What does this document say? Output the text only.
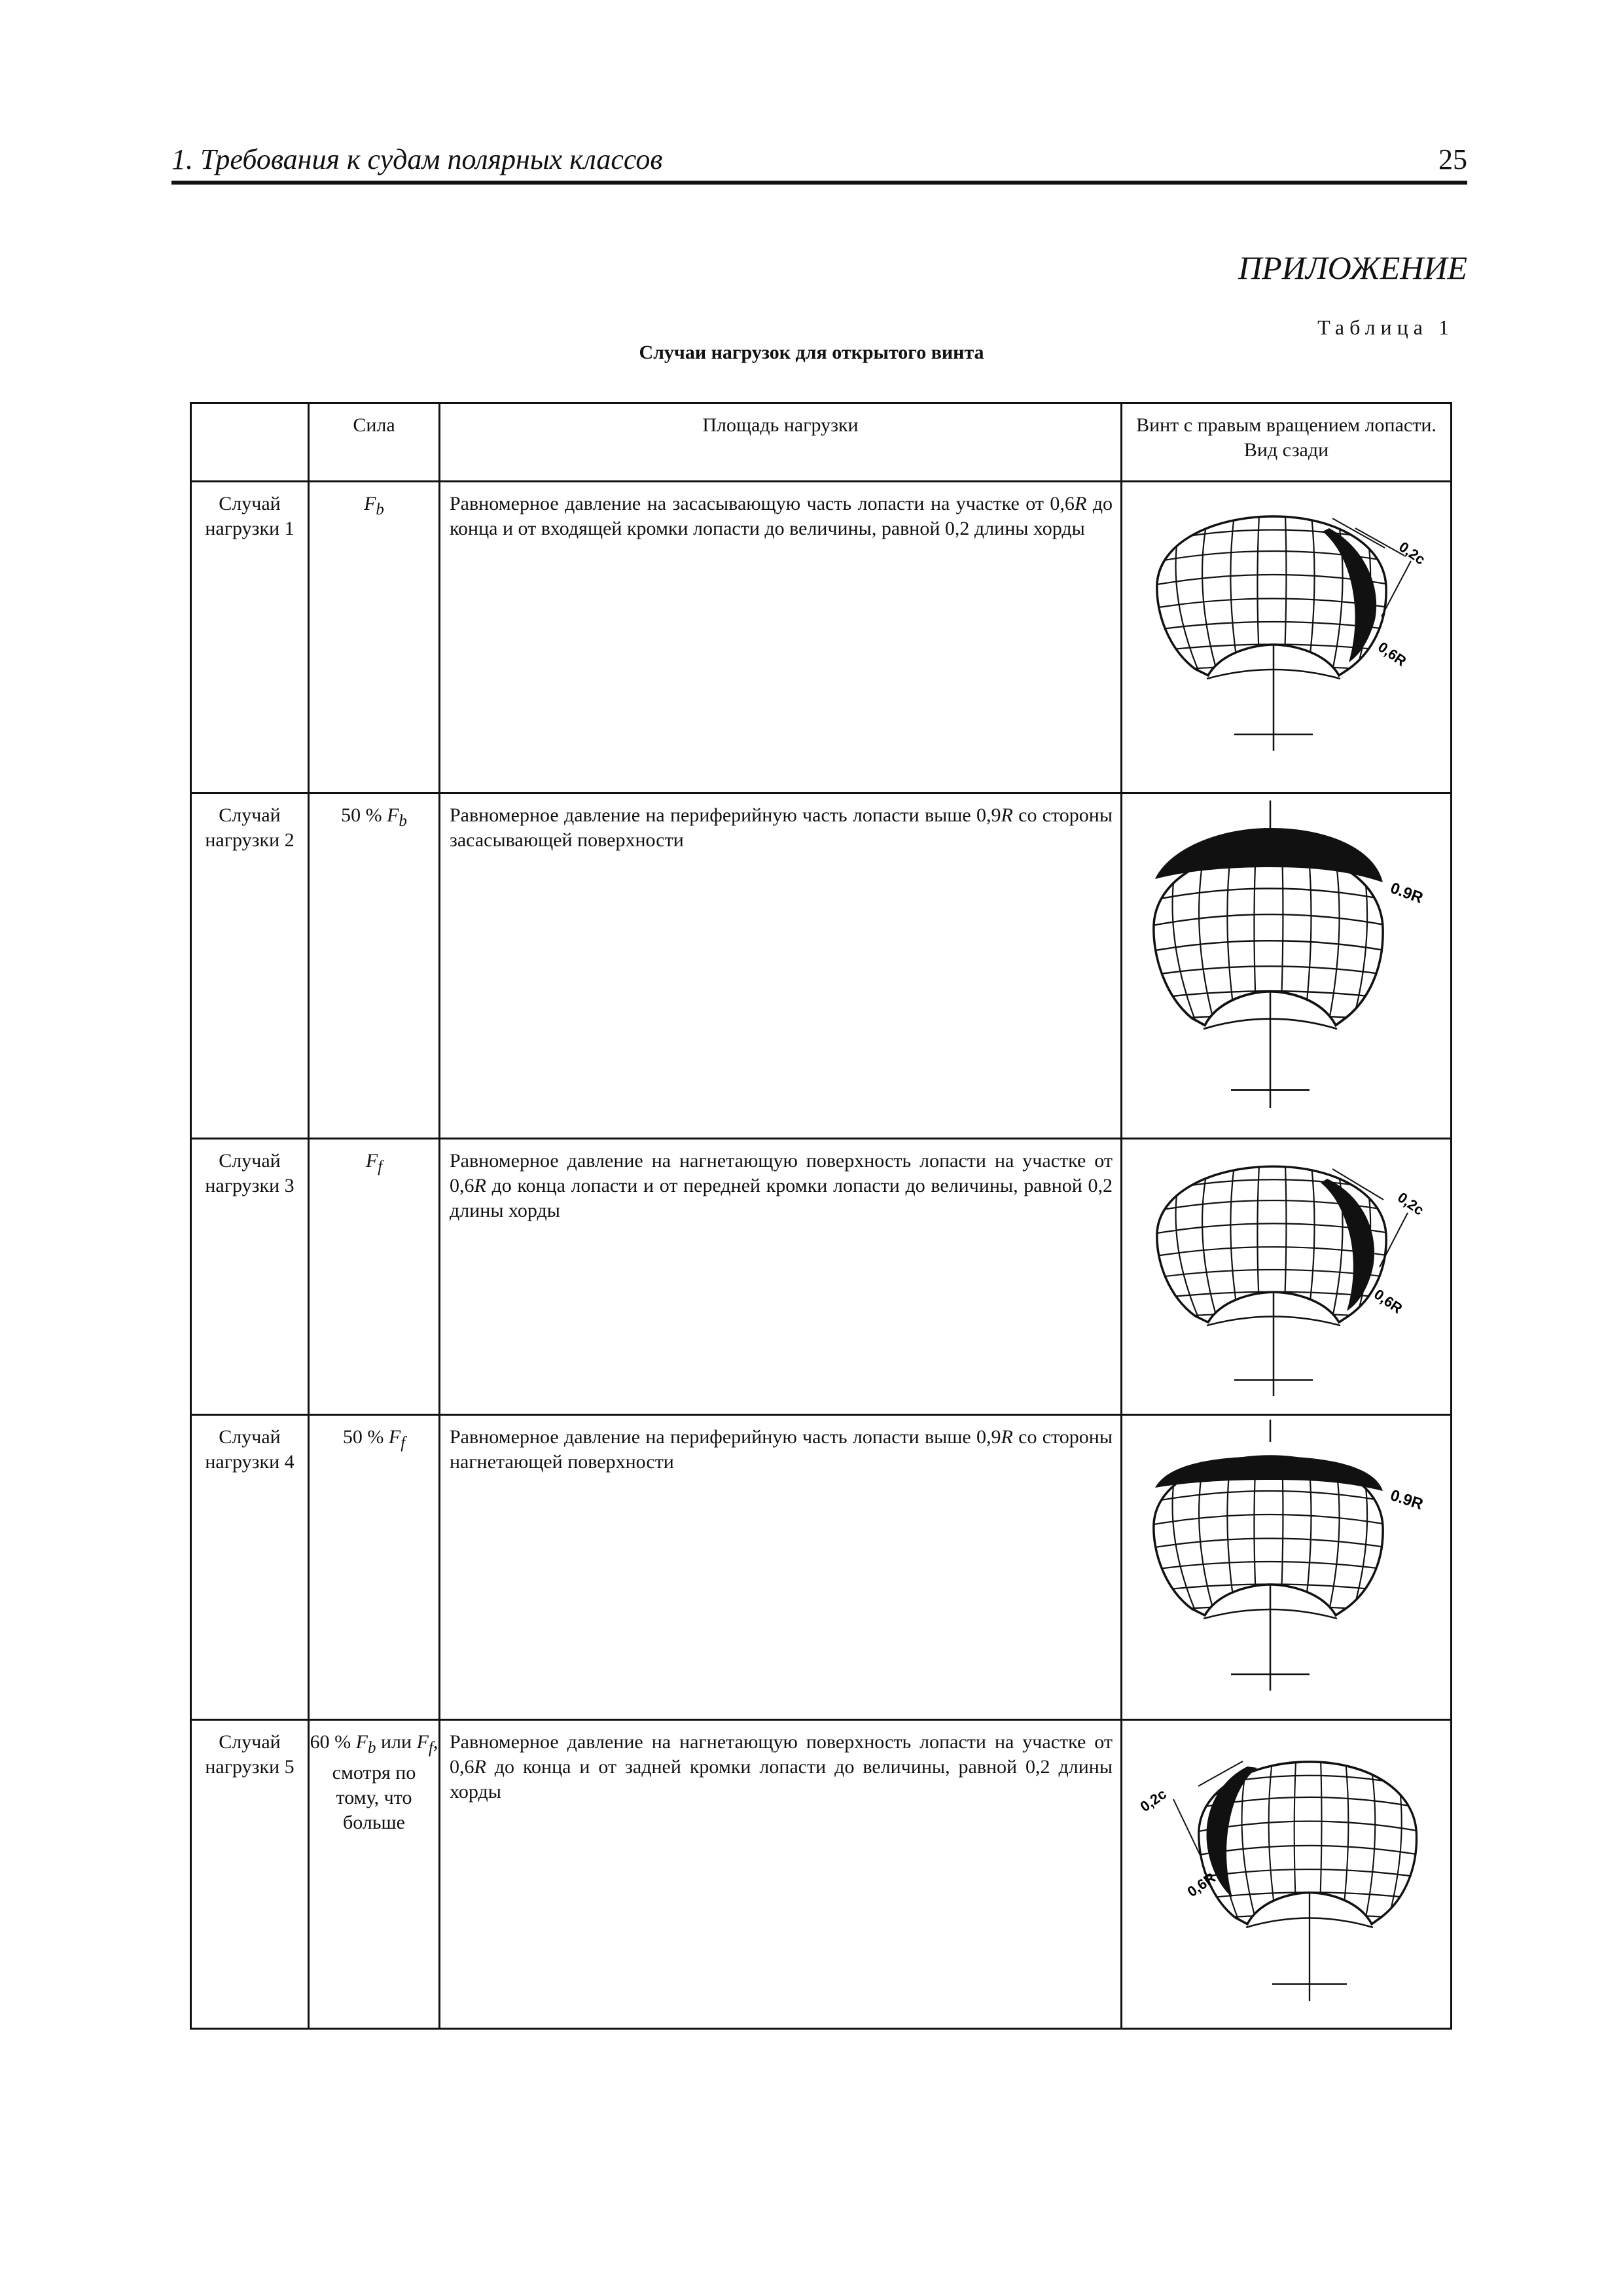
1. Требования к судам полярных классов	25
ПРИЛОЖЕНИЕ
Таблица 1
Случаи нагрузок для открытого винта
	Сила	Площадь нагрузки	Винт с правым вращением лопасти. Вид сзади

Случай нагрузки 1	$F_b$	Равномерное давление на засасывающую часть лопасти на участке от 0,6R до конца и от входящей кромки лопасти до величины, равной 0,2 длины хорды	0,2c
0,6R

Случай нагрузки 2	50 % $F_b$	Равномерное давление на периферийную часть лопасти выше 0,9R со стороны засасывающей поверхности	0.9R

Случай нагрузки 3	$F_f$	Равномерное давление на нагнетающую поверхность лопасти на участке от 0,6R до конца лопасти и от передней кромки лопасти до величины, равной 0,2 длины хорды	0,2c
0,6R

Случай нагрузки 4	50 % $F_f$	Равномерное давление на периферийную часть лопасти выше 0,9R со стороны нагнетающей поверхности	0.9R

Случай нагрузки 5	60 % $F_b$ или $F_f$, смотря по тому, что больше	Равномерное давление на нагнетающую поверхность лопасти на участке от 0,6R до конца и от задней кромки лопасти до величины, равной 0,2 длины хорды	0,2c
0,6R
